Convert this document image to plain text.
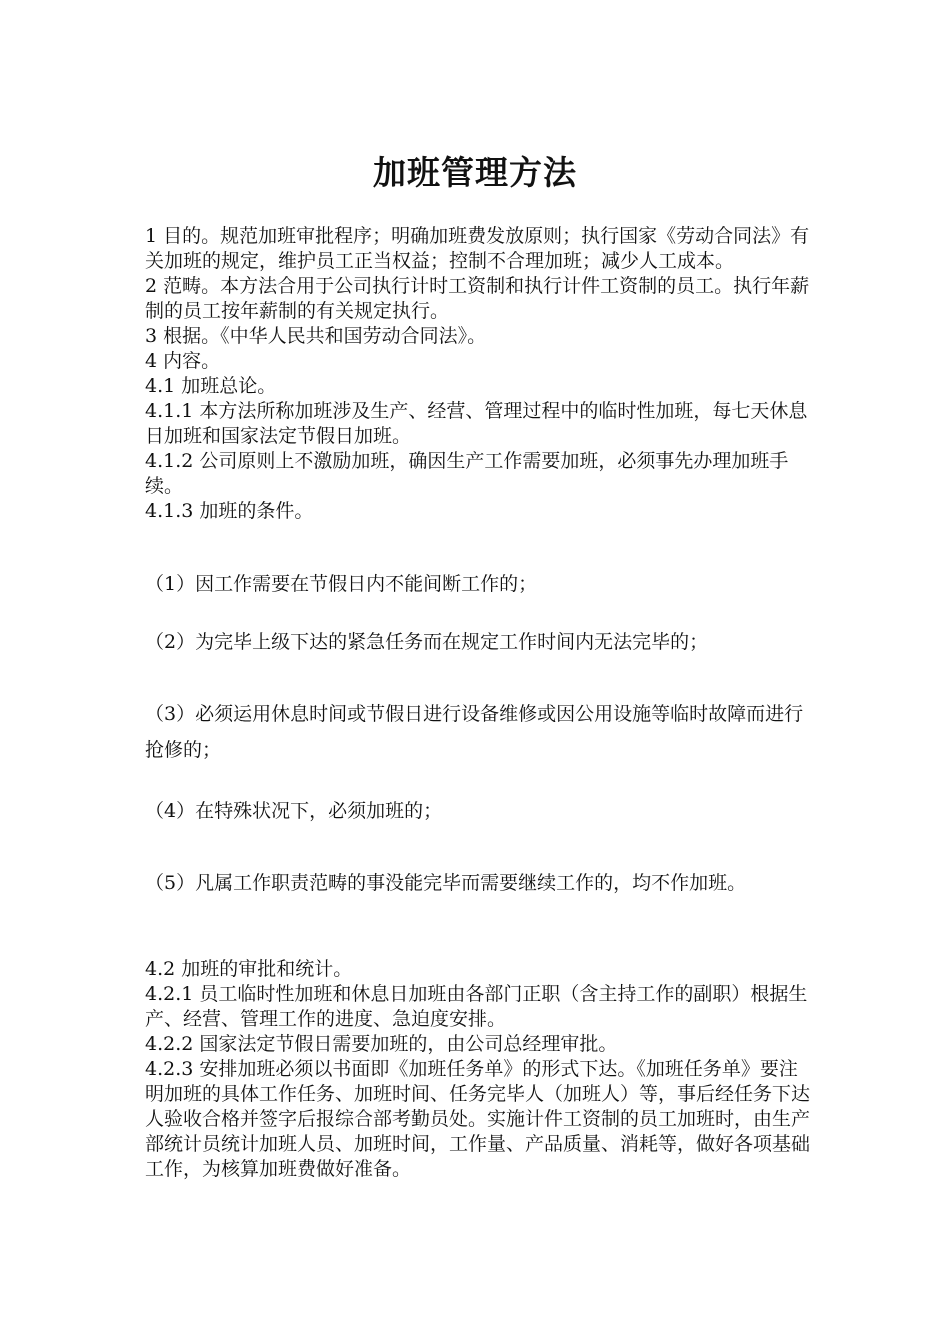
加班管理方法

1 目的。规范加班审批程序；明确加班费发放原则；执行国家《劳动合同法》有关加班的规定，维护员工正当权益；控制不合理加班；减少人工成本。

2 范畴。本方法合用于公司执行计时工资制和执行计件工资制的员工。执行年薪制的员工按年薪制的有关规定执行。

3 根据。《中华人民共和国劳动合同法》。

4 内容。

4.1 加班总论。

4.1.1 本方法所称加班涉及生产、经营、管理过程中的临时性加班，每七天休息日加班和国家法定节假日加班。

4.1.2 公司原则上不激励加班，确因生产工作需要加班，必须事先办理加班手续。

4.1.3 加班的条件。

（1）因工作需要在节假日内不能间断工作的；

（2）为完毕上级下达的紧急任务而在规定工作时间内无法完毕的；

（3）必须运用休息时间或节假日进行设备维修或因公用设施等临时故障而进行抢修的；

（4）在特殊状况下，必须加班的；

（5）凡属工作职责范畴的事没能完毕而需要继续工作的，均不作加班。

4.2 加班的审批和统计。

4.2.1 员工临时性加班和休息日加班由各部门正职（含主持工作的副职）根据生产、经营、管理工作的进度、急迫度安排。

4.2.2 国家法定节假日需要加班的，由公司总经理审批。

4.2.3 安排加班必须以书面即《加班任务单》的形式下达。《加班任务单》要注明加班的具体工作任务、加班时间、任务完毕人（加班人）等，事后经任务下达人验收合格并签字后报综合部考勤员处。实施计件工资制的员工加班时，由生产部统计员统计加班人员、加班时间，工作量、产品质量、消耗等，做好各项基础工作，为核算加班费做好准备。
